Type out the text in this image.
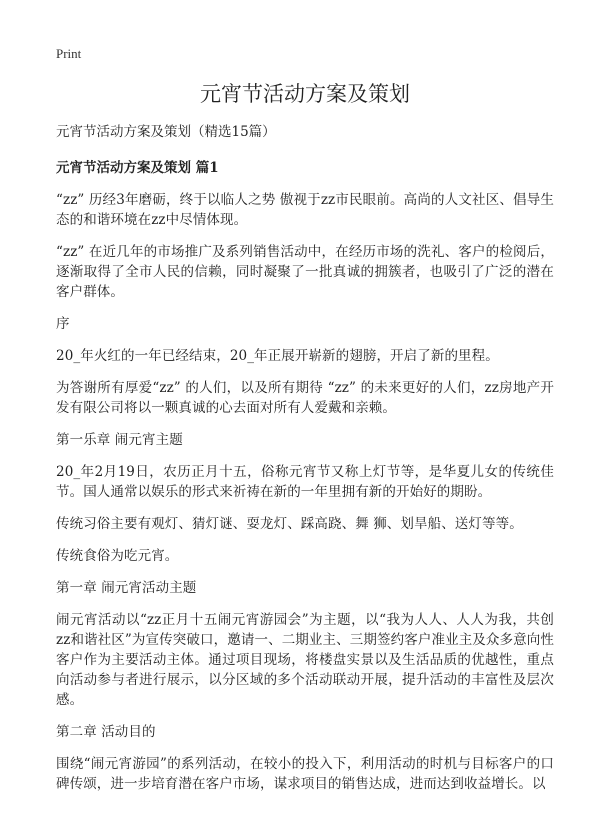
Print
元宵节活动方案及策划
元宵节活动方案及策划（精选15篇）
元宵节活动方案及策划 篇1
“zz” 历经3年磨砺，终于以临人之势 傲视于zz市民眼前。高尚的人文社区、倡导生态的和谐环境在zz中尽情体现。
“zz” 在近几年的市场推广及系列销售活动中，在经历市场的洗礼、客户的检阅后，逐渐取得了全市人民的信赖，同时凝聚了一批真诚的拥簇者，也吸引了广泛的潜在客户群体。
序
20_年火红的一年已经结束，20_年正展开崭新的翅膀，开启了新的里程。
为答谢所有厚爱“zz” 的人们，以及所有期待 “zz” 的未来更好的人们，zz房地产开发有限公司将以一颗真诚的心去面对所有人爱戴和亲赖。
第一乐章 闹元宵主题
20_年2月19日，农历正月十五，俗称元宵节又称上灯节等，是华夏儿女的传统佳节。国人通常以娱乐的形式来祈祷在新的一年里拥有新的开始好的期盼。
传统习俗主要有观灯、猜灯谜、耍龙灯、踩高跷、舞 狮、划旱船、送灯等等。
传统食俗为吃元宵。
第一章 闹元宵活动主题
闹元宵活动以“zz正月十五闹元宵游园会”为主题，以“我为人人、人人为我，共创zz和谐社区”为宣传突破口，邀请一、二期业主、三期签约客户准业主及众多意向性客户作为主要活动主体。通过项目现场，将楼盘实景以及生活品质的优越性，重点向活动参与者进行展示，以分区域的多个活动联动开展，提升活动的丰富性及层次感。
第二章 活动目的
围绕“闹元宵游园”的系列活动，在较小的投入下，利用活动的时机与目标客户的口碑传颂，进一步培育潜在客户市场，谋求项目的销售达成，进而达到收益增长。以
